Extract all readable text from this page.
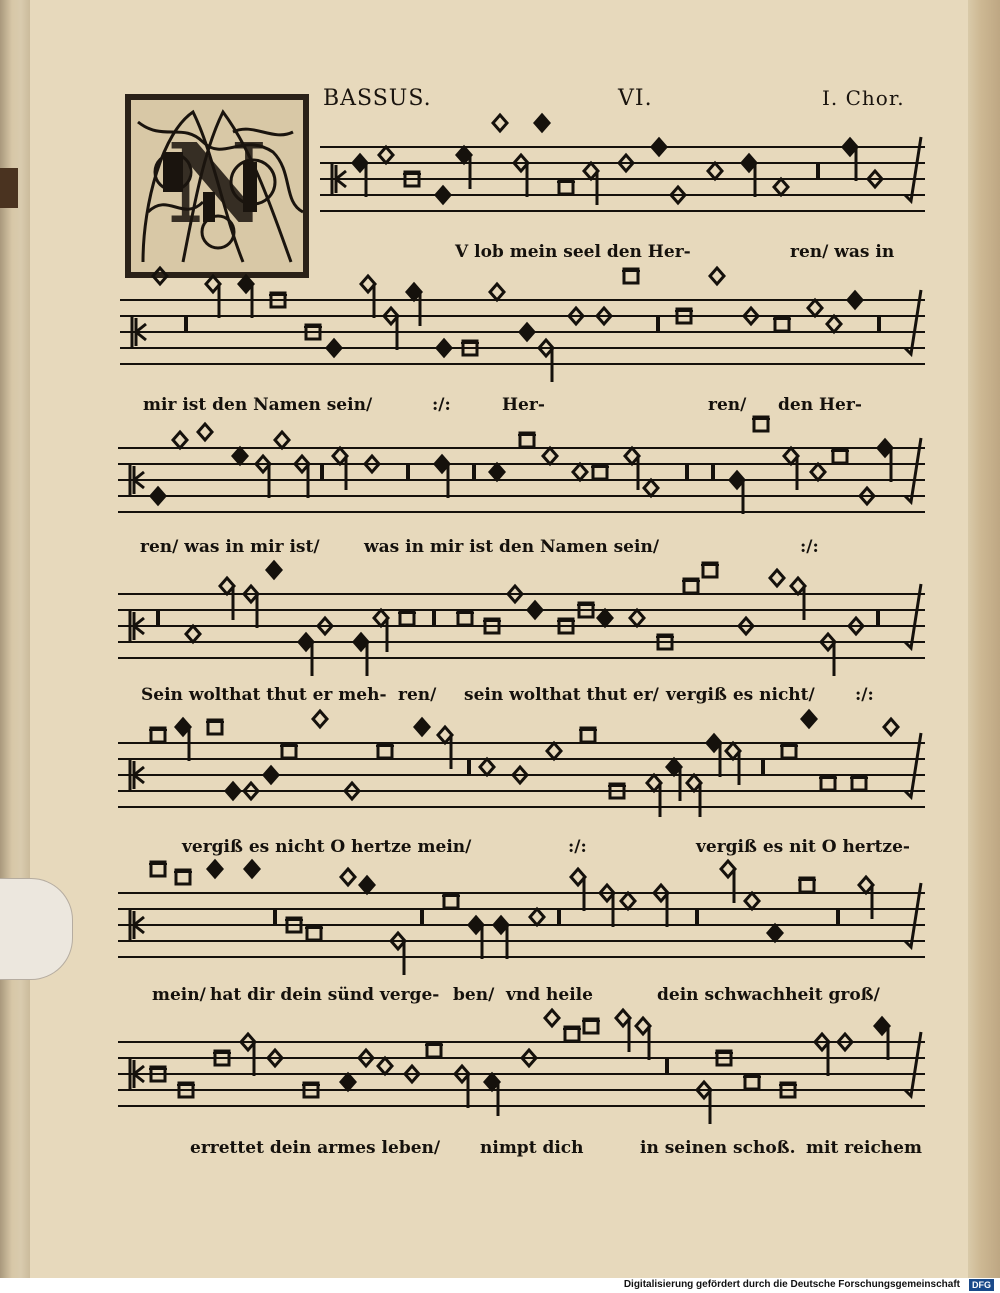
N
BASSUS.	VI.	I. Chor.
V lob mein seel den Her-	ren/ was in
mir ist den Namen sein/	:/:	Her-	ren/ den Her-
ren/ was in mir ist/	was in mir ist den Namen sein/	:/:
Sein wolthat thut er meh- ren/ sein wolthat thut er/ vergiß es nicht/ :/:
vergiß es nicht O hertze mein/	:/:	vergiß es nit O hertze-
mein/ hat dir dein sünd verge- ben/ vnd heile	dein schwachheit groß/
errettet dein armes leben/ nimpt dich	in seinen schoß. mit reichem
Digitalisierung gefördert durch die Deutsche Forschungsgemeinschaft	DFG
